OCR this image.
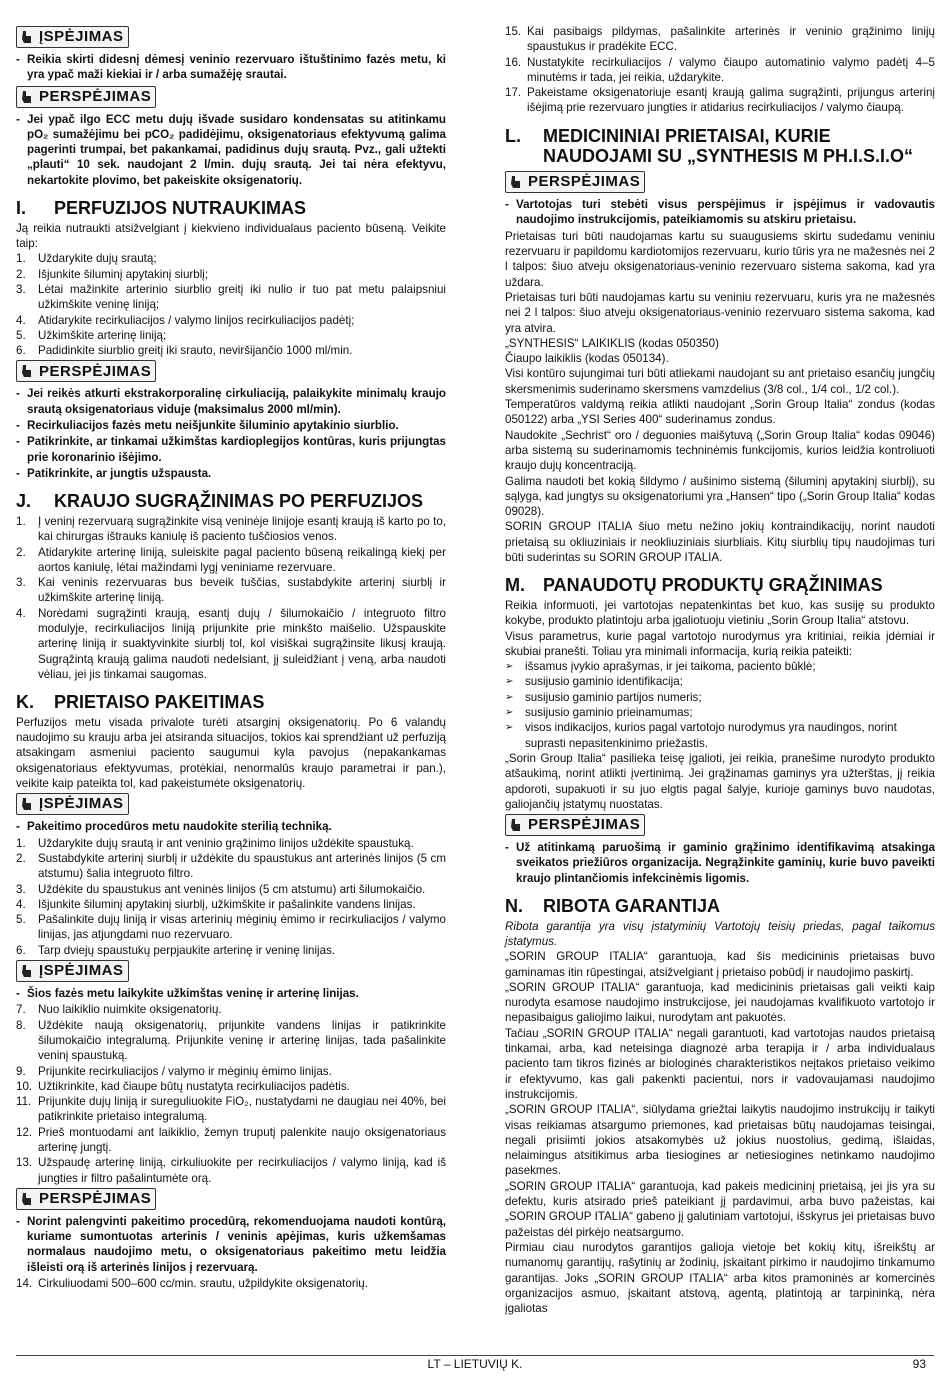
ĮSPĖJIMAS
- Reikia skirti didesnį dėmesį veninio rezervuaro ištuštinimo fazės metu, ki yra ypač maži kiekiai ir / arba sumažėję srautai.
PERSPĖJIMAS
- Jei ypač ilgo ECC metu dujų išvade susidaro kondensatas su atitinkamu pO₂ sumažėjimu bei pCO₂ padidėjimu, oksigenatoriaus efektyvumą galima pagerinti trumpai, bet pakankamai, padidinus dujų srautą. Pvz., gali užtekti „plauti“ 10 sek. naudojant 2 l/min. dujų srautą. Jei tai nėra efektyvu, nekartokite plovimo, bet pakeiskite oksigenatorių.
I.	PERFUZIJOS NUTRAUKIMAS

Ją reikia nutraukti atsižvelgiant į kiekvieno individualaus paciento būseną. Veikite taip:

1.	Uždarykite dujų srautą;
2.	Išjunkite šiluminį apytakinį siurblį;
3.	Lėtai mažinkite arterinio siurblio greitį iki nulio ir tuo pat metu palaipsniui užkimškite veninę liniją;
4.	Atidarykite recirkuliacijos / valymo linijos recirkuliacijos padėtį;
5.	Užkimškite arterinę liniją;
6.	Padidinkite siurblio greitį iki srauto, neviršijančio 1000 ml/min.
PERSPĖJIMAS
- Jei reikės atkurti ekstrakorporalinę cirkuliaciją, palaikykite minimalų kraujo srautą oksigenatoriaus viduje (maksimalus 2000 ml/min).
- Recirkuliacijos fazės metu neišjunkite šiluminio apytakinio siurblio.
- Patikrinkite, ar tinkamai užkimštas kardioplegijos kontūras, kuris prijungtas prie koronarinio išėjimo.
- Patikrinkite, ar jungtis užspausta.
J.	KRAUJO SUGRĄŽINIMAS PO PERFUZIJOS
1.	Į veninį rezervuarą sugrąžinkite visą veninėje linijoje esantį kraują iš karto po to, kai chirurgas ištrauks kaniulę iš paciento tuščiosios venos.
2.	Atidarykite arterinę liniją, suleiskite pagal paciento būseną reikalingą kiekį per aortos kaniulę, lėtai mažindami lygį veniniame rezervuare.
3.	Kai veninis rezervuaras bus beveik tuščias, sustabdykite arterinį siurblį ir užkimškite arterinę liniją.
4.	Norėdami sugrąžinti kraują, esantį dujų / šilumokaičio / integruoto filtro modulyje, recirkuliacijos liniją prijunkite prie minkšto maišelio. Užspauskite arterinę liniją ir suaktyvinkite siurblį tol, kol visiškai sugrąžinsite likusį kraują. Sugrąžintą kraują galima naudoti nedelsiant, jį suleidžiant į veną, arba naudoti vėliau, jei jis tinkamai saugomas.
K.	PRIETAISO PAKEITIMAS

Perfuzijos metu visada privalote turėti atsarginį oksigenatorių. Po 6 valandų naudojimo su krauju arba jei atsiranda situacijos, tokios kai sprendžiant už perfuziją atsakingam asmeniui paciento saugumui kyla pavojus (nepakankamas oksigenatoriaus efektyvumas, protėkiai, nenormalūs kraujo parametrai ir pan.), veikite kaip pateikta tol, kad pakeistumėte oksigenatorių.

ĮSPĖJIMAS
- Pakeitimo procedūros metu naudokite sterilią techniką.
1.	Uždarykite dujų srautą ir ant veninio grąžinimo linijos uždėkite spaustuką.
2.	Sustabdykite arterinį siurblį ir uždėkite du spaustukus ant arterinės linijos (5 cm atstumu) šalia integruoto filtro.
3.	Uždėkite du spaustukus ant veninės linijos (5 cm atstumu) arti šilumokaičio.
4.	Išjunkite šiluminį apytakinį siurblį, užkimškite ir pašalinkite vandens linijas.
5.	Pašalinkite dujų liniją ir visas arterinių mėginių ėmimo ir recirkuliacijos / valymo linijas, jas atjungdami nuo rezervuaro.
6.	Tarp dviejų spaustukų perpjaukite arterinę ir veninę linijas.
ĮSPĖJIMAS
- Šios fazės metu laikykite užkimštas veninę ir arterinę linijas.
7.	Nuo laikiklio nuimkite oksigenatorių.
8.	Uždėkite naują oksigenatorių, prijunkite vandens linijas ir patikrinkite šilumokaičio integralumą. Prijunkite veninę ir arterinę linijas, tada pašalinkite veninį spaustuką.
9.	Prijunkite recirkuliacijos / valymo ir mėginių ėmimo linijas.
10. Užtikrinkite, kad čiaupe būtų nustatyta recirkuliacijos padėtis.
11. Prijunkite dujų liniją ir sureguliuokite FiO₂, nustatydami ne daugiau nei 40%, bei patikrinkite prietaiso integralumą.
12. Prieš montuodami ant laikiklio, žemyn truputį palenkite naujo oksigenatoriaus arterinę jungtį.
13. Užspaudę arterinę liniją, cirkuliuokite per recirkuliacijos / valymo liniją, kad iš jungties ir filtro pašalintumėte orą.
PERSPĖJIMAS
- Norint palengvinti pakeitimo procedūrą, rekomenduojama naudoti kontūrą, kuriame sumontuotas arterinis / veninis apėjimas, kuris užkemšamas normalaus naudojimo metu, o oksigenatoriaus pakeitimo metu leidžia išleisti orą iš arterinės linijos į rezervuarą.
14. Cirkuliuodami 500–600 cc/min. srautu, užpildykite oksigenatorių.
15. Kai pasibaigs pildymas, pašalinkite arterinės ir veninio grąžinimo linijų spaustukus ir pradėkite ECC.
16. Nustatykite recirkuliacijos / valymo čiaupo automatinio valymo padėtį 4–5 minutėms ir tada, jei reikia, uždarykite.
17. Pakeistame oksigenatoriuje esantį kraują galima sugrąžinti, prijungus arterinį išėjimą prie rezervuaro jungties ir atidarius recirkuliacijos / valymo čiaupą.
L.	MEDICININIAI PRIETAISAI, KURIE NAUDOJAMI SU „SYNTHESIS M PH.I.S.I.O“
PERSPĖJIMAS
- Vartotojas turi stebėti visus perspėjimus ir įspėjimus ir vadovautis naudojimo instrukcijomis, pateikiamomis su atskiru prietaisu.

Prietaisas turi būti naudojamas kartu su suaugusiems skirtu sudedamu veniniu rezervuaru ir papildomu kardiotomijos rezervuaru, kurio tūris yra ne mažesnės nei 2 l talpos: šiuo atveju oksigenatoriaus-veninio rezervuaro sistema sakoma, kad yra uždara.

Prietaisas turi būti naudojamas kartu su veniniu rezervuaru, kuris yra ne mažesnės nei 2 l talpos: šiuo atveju oksigenatoriaus-veninio rezervuaro sistema sakoma, kad yra atvira.

„SYNTHESIS“ LAIKIKLIS (kodas 050350)

Čiaupo laikiklis (kodas 050134).

Visi kontūro sujungimai turi būti atliekami naudojant su ant prietaiso esančių jungčių skersmenimis suderinamo skersmens vamzdelius (3/8 col., 1/4 col., 1/2 col.).

Temperatūros valdymą reikia atlikti naudojant „Sorin Group Italia“ zondus (kodas 050122) arba „YSI Series 400“ suderinamus zondus.

Naudokite „Sechrist“ oro / deguonies maišytuvą („Sorin Group Italia“ kodas 09046) arba sistemą su suderinamomis techninėmis funkcijomis, kurios leidžia kontroliuoti kraujo dujų koncentraciją.

Galima naudoti bet kokią šildymo / aušinimo sistemą (šiluminį apytakinį siurblį), su sąlyga, kad jungtys su oksigenatoriumi yra „Hansen“ tipo („Sorin Group Italia“ kodas 09028).

SORIN GROUP ITALIA šiuo metu nežino jokių kontraindikacijų, norint naudoti prietaisą su okliuziniais ir neokliuziniais siurbliais. Kitų siurblių tipų naudojimas turi būti suderintas su SORIN GROUP ITALIA.

M.	PANAUDOTŲ PRODUKTŲ GRĄŽINIMAS

Reikia informuoti, jei vartotojas nepatenkintas bet kuo, kas susiję su produkto kokybe, produkto platintoju arba įgaliotuoju vietiniu „Sorin Group Italia“ atstovu.

Visus parametrus, kurie pagal vartotojo nurodymus yra kritiniai, reikia įdėmiai ir skubiai pranešti. Toliau yra minimali informacija, kurią reikia pateikti:

➢	išsamus įvykio aprašymas, ir jei taikoma, paciento būklė;
➢	susijusio gaminio identifikacija;
➢	susijusio gaminio partijos numeris;
➢	susijusio gaminio prieinamumas;
➢	visos indikacijos, kurios pagal vartotojo nurodymus yra naudingos, norint suprasti nepasitenkinimo priežastis.

„Sorin Group Italia“ pasilieka teisę įgalioti, jei reikia, pranešime nurodyto produkto atšaukimą, norint atlikti įvertinimą. Jei grąžinamas gaminys yra užterštas, jį reikia apdoroti, supakuoti ir su juo elgtis pagal šalyje, kurioje gaminys buvo naudotas, galiojančių įstatymų nuostatas.

PERSPĖJIMAS
- Už atitinkamą paruošimą ir gaminio grąžinimo identifikavimą atsakinga sveikatos priežiūros organizacija. Negrąžinkite gaminių, kurie buvo paveikti kraujo plintančiomis infekcinėmis ligomis.
N.	RIBOTA GARANTIJA

Ribota garantija yra visų įstatyminių Vartotojų teisių priedas, pagal taikomus įstatymus.

„SORIN GROUP ITALIA“ garantuoja, kad šis medicininis prietaisas buvo gaminamas itin rūpestingai, atsižvelgiant į prietaiso pobūdį ir naudojimo paskirtį.

„SORIN GROUP ITALIA“ garantuoja, kad medicininis prietaisas gali veikti kaip nurodyta esamose naudojimo instrukcijose, jei naudojamas kvalifikuoto vartotojo ir nepasibaigus galiojimo laikui, nurodytam ant pakuotės.

Tačiau „SORIN GROUP ITALIA“ negali garantuoti, kad vartotojas naudos prietaisą tinkamai, arba, kad neteisinga diagnozė arba terapija ir / arba individualaus paciento tam tikros fizinės ar biologinės charakteristikos neįtakos prietaiso veikimo ir efektyvumo, kas gali pakenkti pacientui, nors ir vadovaujamasi naudojimo instrukcijomis.

„SORIN GROUP ITALIA“, siūlydama griežtai laikytis naudojimo instrukcijų ir taikyti visas reikiamas atsargumo priemones, kad prietaisas būtų naudojamas teisingai, negali prisiimti jokios atsakomybės už jokius nuostolius, gedimą, išlaidas, nelaimingus atsitikimus arba tiesiogines ar netiesiogines netinkamo naudojimo pasekmes.

„SORIN GROUP ITALIA“ garantuoja, kad pakeis medicininį prietaisą, jei jis yra su defektu, kuris atsirado prieš pateikiant jį pardavimui, arba buvo pažeistas, kai „SORIN GROUP ITALIA“ gabeno jį galutiniam vartotojui, išskyrus jei prietaisas buvo pažeistas dėl pirkėjo neatsargumo.

Pirmiau ciau nurodytos garantijos galioja vietoje bet kokių kitų, išreikštų ar numanomų garantijų, rašytinių ar žodinių, įskaitant pirkimo ir naudojimo tinkamumo garantijas. Joks „SORIN GROUP ITALIA“ arba kitos pramoninės ar komercinės organizacijos asmuo, įskaitant atstovą, agentą, platintoją ar tarpininką, nėra įgaliotas

LT – LIETUVIŲ K.	93
